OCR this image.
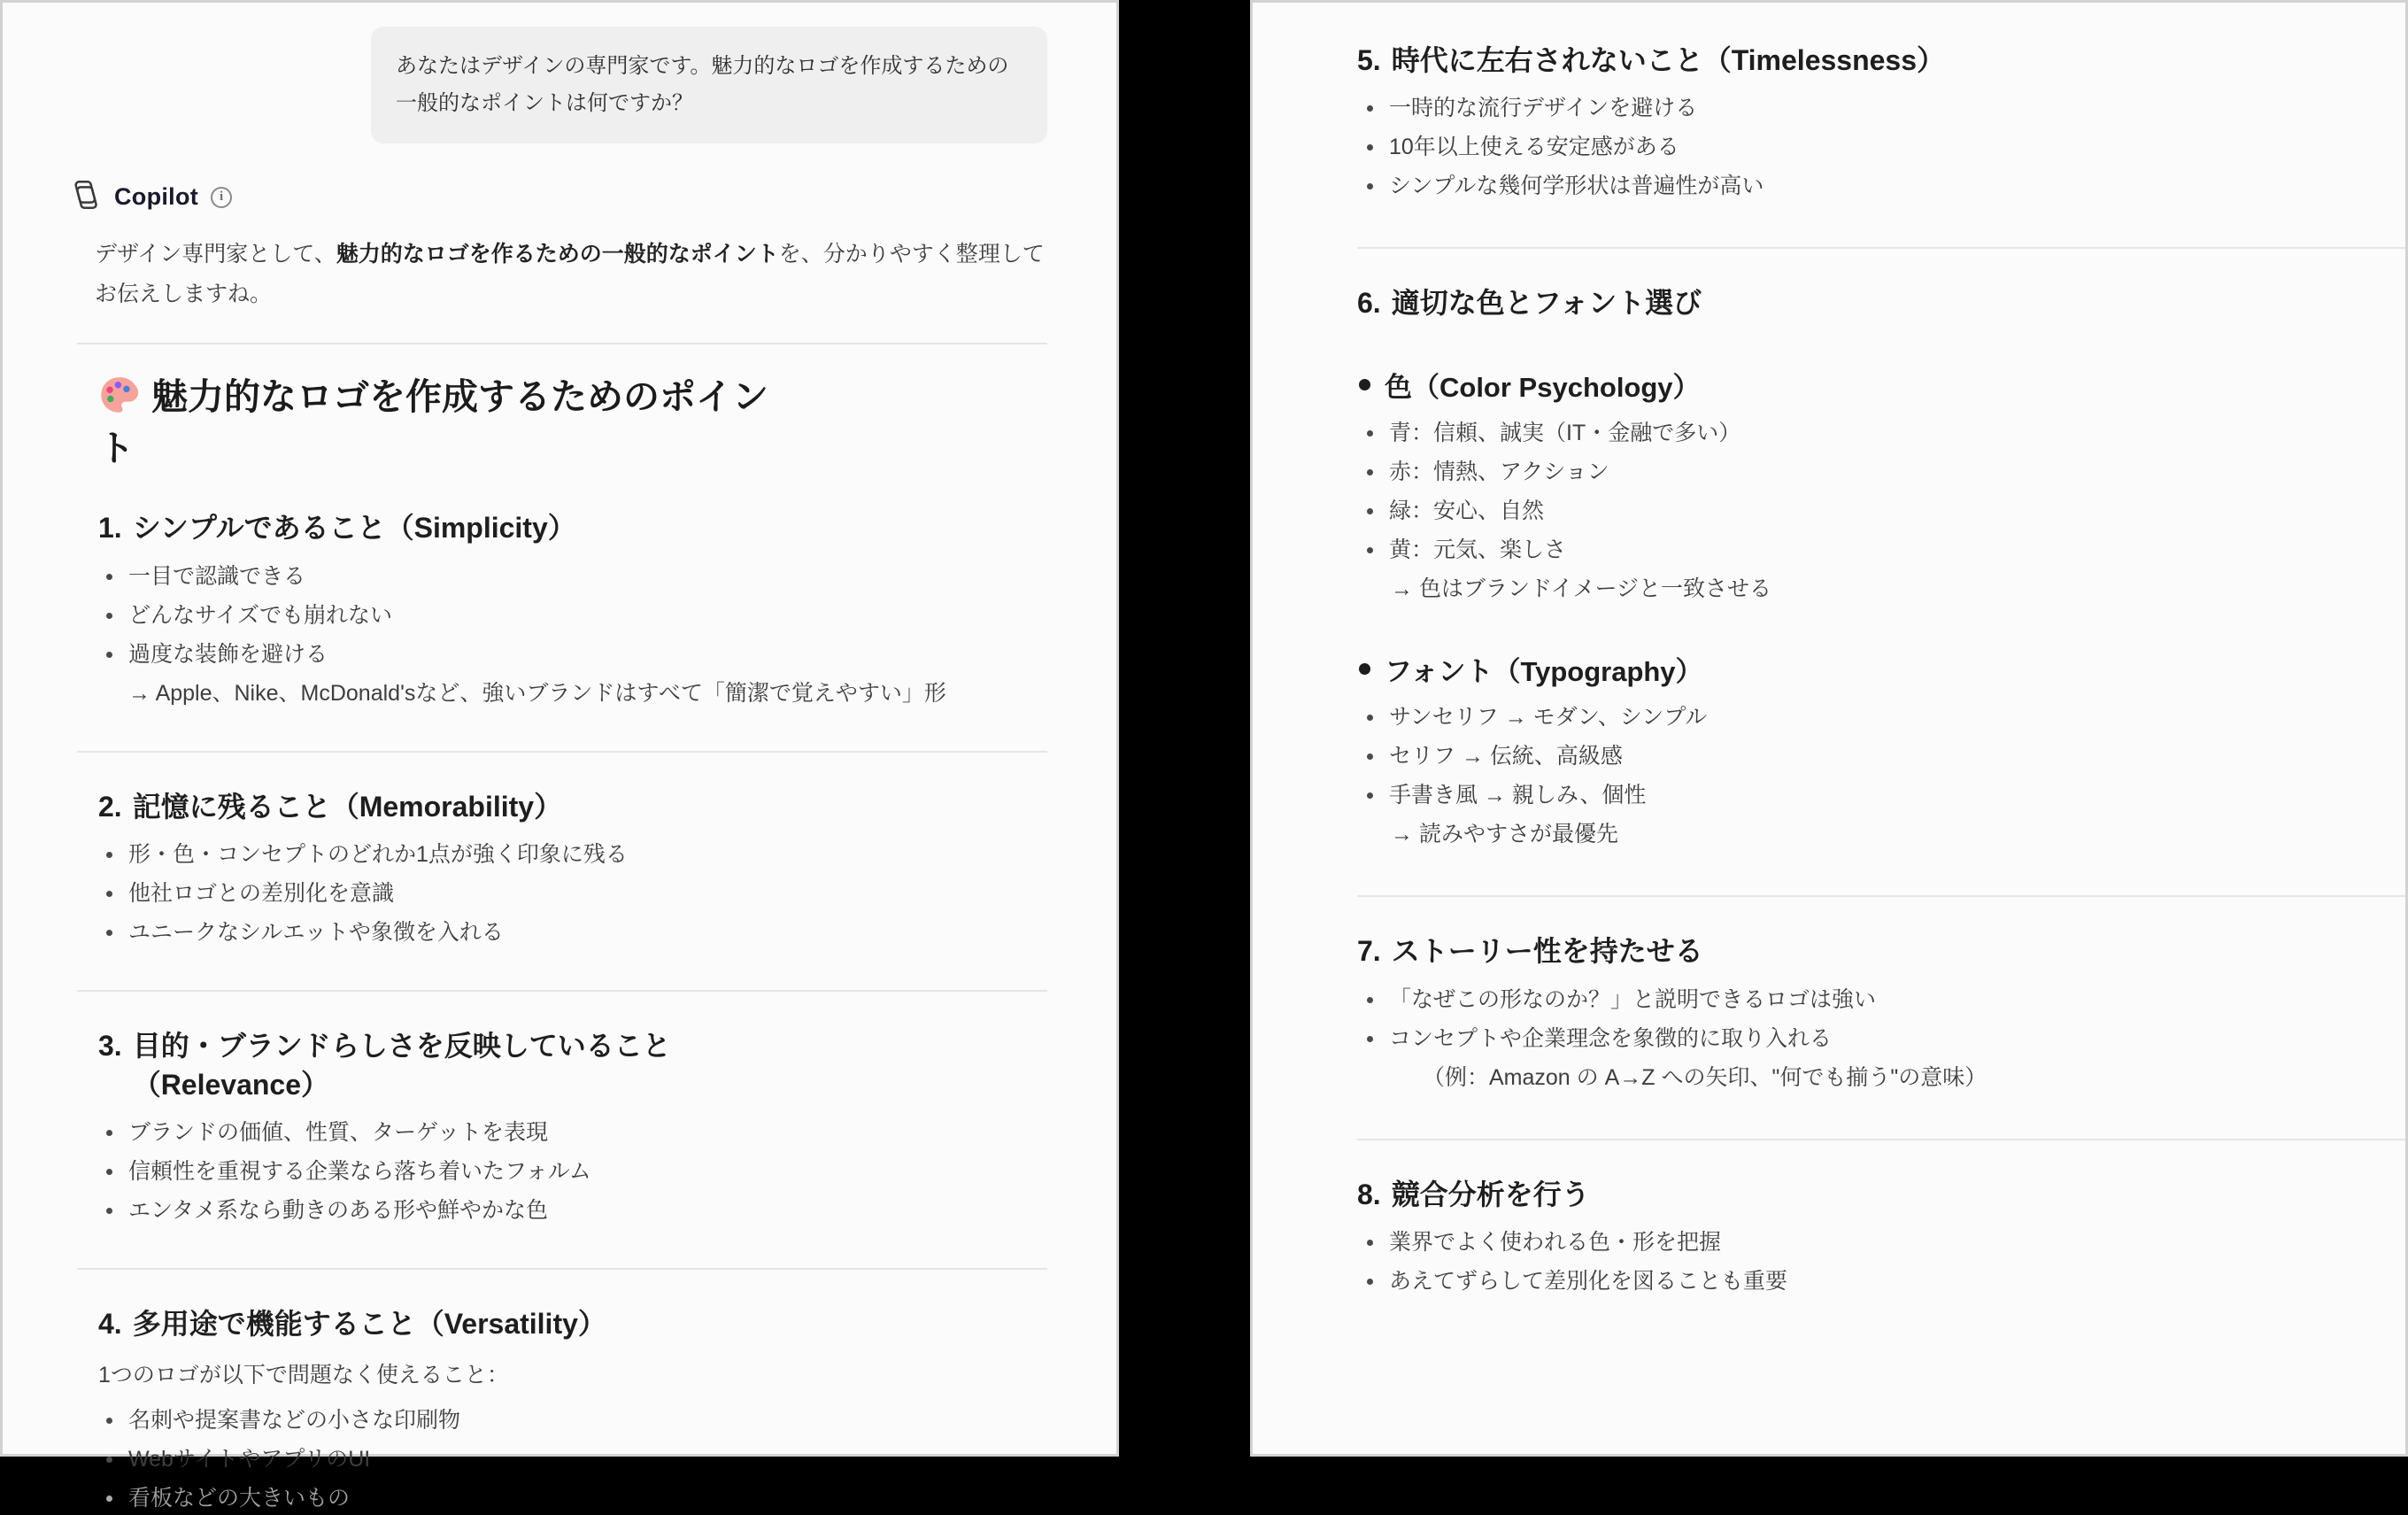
あなたはデザインの専門家です。魅力的なロゴを作成するための一般的なポイントは何ですか？
Copilot
i

デザイン専門家として、魅力的なロゴを作るための一般的なポイントを、分かりやすく整理してお伝えしますね。

魅力的なロゴを作成するためのポイント
1. シンプルであること（Simplicity）
一目で認識できる
どんなサイズでも崩れない
過度な装飾を避ける

→ Apple、Nike、McDonald'sなど、強いブランドはすべて「簡潔で覚えやすい」形

2. 記憶に残ること（Memorability）
形・色・コンセプトのどれか1点が強く印象に残る
他社ロゴとの差別化を意識
ユニークなシルエットや象徴を入れる
3. 目的・ブランドらしさを反映していること（Relevance）
ブランドの価値、性質、ターゲットを表現
信頼性を重視する企業なら落ち着いたフォルム
エンタメ系なら動きのある形や鮮やかな色
4. 多用途で機能すること（Versatility）

1つのロゴが以下で問題なく使えること：

名刺や提案書などの小さな印刷物
WebサイトやアプリのUI
看板などの大きいもの
5. 時代に左右されないこと（Timelessness）
一時的な流行デザインを避ける
10年以上使える安定感がある
シンプルな幾何学形状は普遍性が高い
6. 適切な色とフォント選び
色（Color Psychology）
青：信頼、誠実（IT・金融で多い）
赤：情熱、アクション
緑：安心、自然
黄：元気、楽しさ

→ 色はブランドイメージと一致させる

フォント（Typography）
サンセリフ → モダン、シンプル
セリフ → 伝統、高級感
手書き風 → 親しみ、個性

→ 読みやすさが最優先

7. ストーリー性を持たせる
「なぜこの形なのか？」と説明できるロゴは強い
コンセプトや企業理念を象徴的に取り入れる

（例：Amazon の A→Z への矢印、"何でも揃う"の意味）

8. 競合分析を行う
業界でよく使われる色・形を把握
あえてずらして差別化を図ることも重要
